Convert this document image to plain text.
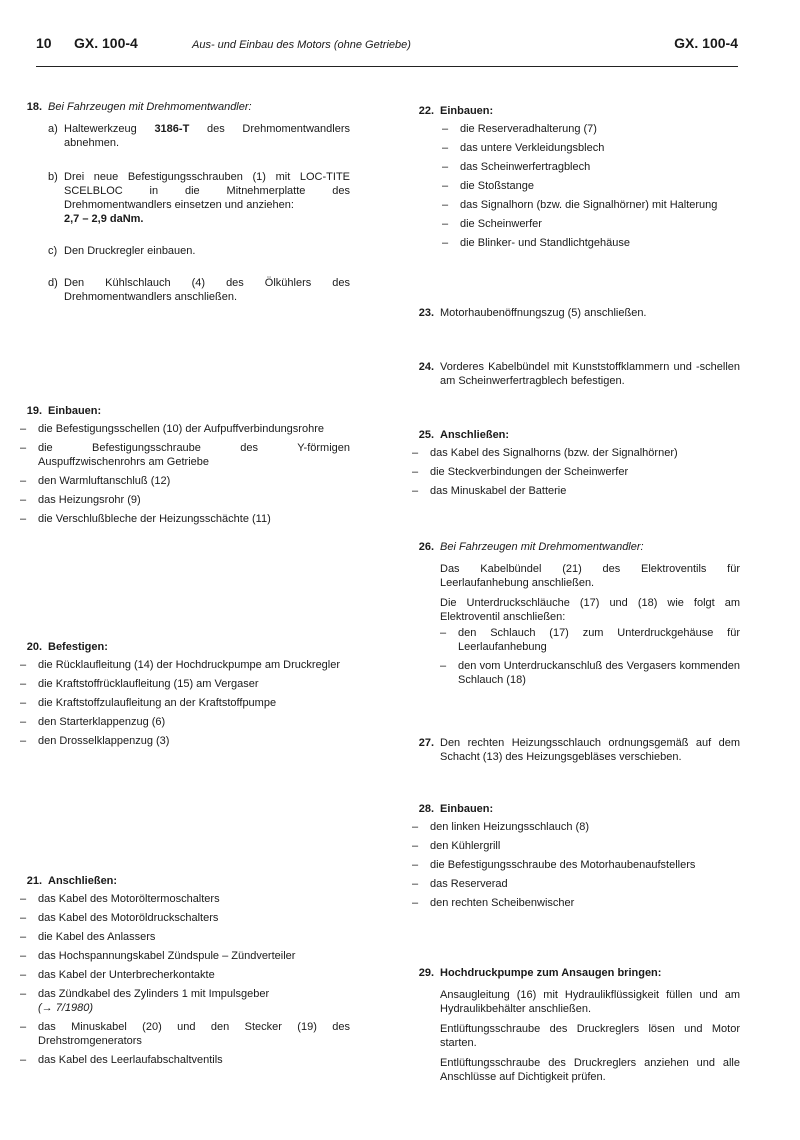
10 GX. 100-4	Aus- und Einbau des Motors (ohne Getriebe)	GX. 100-4
18. Bei Fahrzeugen mit Drehmomentwandler:
a) Haltewerkzeug 3186-T des Drehmomentwandlers abnehmen.
b) Drei neue Befestigungsschrauben (1) mit LOC-TITE SCELBLOC in die Mitnehmerplatte des Drehmomentwandlers einsetzen und anziehen:
2,7 – 2,9 daNm.
c) Den Druckregler einbauen.
d) Den Kühlschlauch (4) des Ölkühlers des Drehmomentwandlers anschließen.
19. Einbauen:
–	die Befestigungsschellen (10) der Aufpuffverbindungsrohre
–	die Befestigungsschraube des Y-förmigen Auspuffzwischenrohrs am Getriebe
–	den Warmluftanschluß (12)
–	das Heizungsrohr (9)
–	die Verschlußbleche der Heizungsschächte (11)
20. Befestigen:
–	die Rücklaufleitung (14) der Hochdruckpumpe am Druckregler
–	die Kraftstoffrücklaufleitung (15) am Vergaser
–	die Kraftstoffzulaufleitung an der Kraftstoffpumpe
–	den Starterklappenzug (6)
–	den Drosselklappenzug (3)
21. Anschließen:
–	das Kabel des Motoröltermoschalters
–	das Kabel des Motoröldruckschalters
–	die Kabel des Anlassers
–	das Hochspannungskabel Zündspule – Zündverteiler
–	das Kabel der Unterbrecherkontakte
–	das Zündkabel des Zylinders 1 mit Impulsgeber
(→ 7/1980)
–	das Minuskabel (20) und den Stecker (19) des Drehstromgenerators
–	das Kabel des Leerlaufabschaltventils
22. Einbauen:
–	die Reserveradhalterung (7)
–	das untere Verkleidungsblech
–	das Scheinwerfertragblech
–	die Stoßstange
–	das Signalhorn (bzw. die Signalhörner) mit Halterung
–	die Scheinwerfer
–	die Blinker- und Standlichtgehäuse
23. Motorhaubenöffnungszug (5) anschließen.
24. Vorderes Kabelbündel mit Kunststoffklammern und -schellen am Scheinwerfertragblech befestigen.
25. Anschließen:
–	das Kabel des Signalhorns (bzw. der Signalhörner)
–	die Steckverbindungen der Scheinwerfer
–	das Minuskabel der Batterie
26. Bei Fahrzeugen mit Drehmomentwandler:

Das Kabelbündel (21) des Elektroventils für Leerlaufanhebung anschließen.

Die Unterdruckschläuche (17) und (18) wie folgt am Elektroventil anschließen:

–	den Schlauch (17) zum Unterdruckgehäuse für Leerlaufanhebung
–	den vom Unterdruckanschluß des Vergasers kommenden Schlauch (18)
27. Den rechten Heizungsschlauch ordnungsgemäß auf dem Schacht (13) des Heizungsgebläses verschieben.
28. Einbauen:
–	den linken Heizungsschlauch (8)
–	den Kühlergrill
–	die Befestigungsschraube des Motorhaubenaufstellers
–	das Reserverad
–	den rechten Scheibenwischer
29. Hochdruckpumpe zum Ansaugen bringen:

Ansaugleitung (16) mit Hydraulikflüssigkeit füllen und am Hydraulikbehälter anschließen.

Entlüftungsschraube des Druckreglers lösen und Motor starten.

Entlüftungsschraube des Druckreglers anziehen und alle Anschlüsse auf Dichtigkeit prüfen.
